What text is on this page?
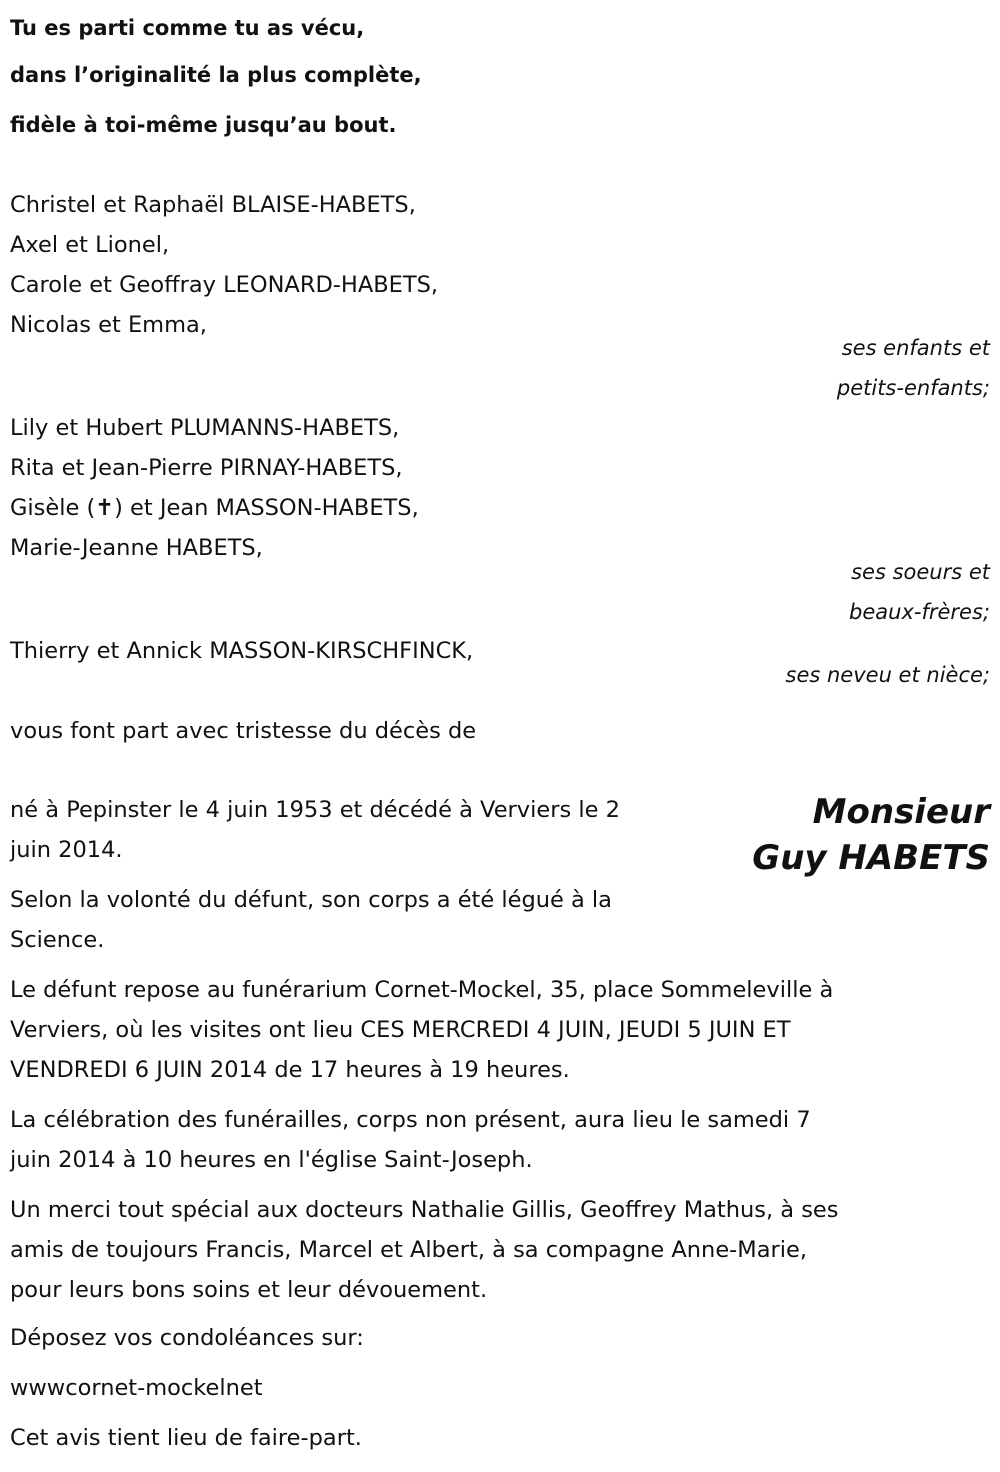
Tu es parti comme tu as vécu,
dans l’originalité la plus complète,
fidèle à toi-même jusqu’au bout.
Christel et Raphaël BLAISE-HABETS,
Axel et Lionel,
Carole et Geoffray LEONARD-HABETS,
Nicolas et Emma,
ses enfants et
petits-enfants;
Lily et Hubert PLUMANNS-HABETS,
Rita et Jean-Pierre PIRNAY-HABETS,
Gisèle (✝) et Jean MASSON-HABETS,
Marie-Jeanne HABETS,
ses soeurs et
beaux-frères;
Thierry et Annick MASSON-KIRSCHFINCK,
ses neveu et nièce;
vous font part avec tristesse du décès de
Monsieur
Guy HABETS
né à Pepinster le 4 juin 1953 et décédé à Verviers le 2
juin 2014.
Selon la volonté du défunt, son corps a été légué à la
Science.
Le défunt repose au funérarium Cornet-Mockel, 35, place Sommeleville à
Verviers, où les visites ont lieu CES MERCREDI 4 JUIN, JEUDI 5 JUIN ET
VENDREDI 6 JUIN 2014 de 17 heures à 19 heures.
La célébration des funérailles, corps non présent, aura lieu le samedi 7
juin 2014 à 10 heures en l'église Saint-Joseph.
Un merci tout spécial aux docteurs Nathalie Gillis, Geoffrey Mathus, à ses
amis de toujours Francis, Marcel et Albert, à sa compagne Anne-Marie,
pour leurs bons soins et leur dévouement.
Déposez vos condoléances sur:
wwwcornet-mockelnet
Cet avis tient lieu de faire-part.
